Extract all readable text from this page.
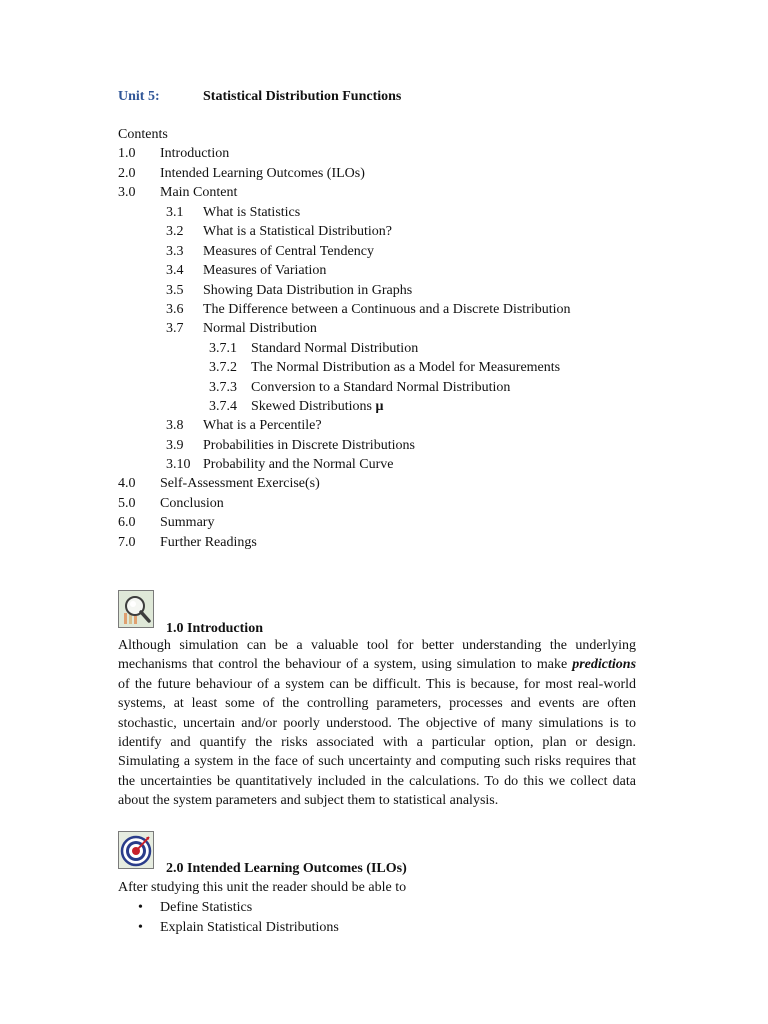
Unit 5:	Statistical Distribution Functions
Contents
1.0 Introduction
2.0 Intended Learning Outcomes (ILOs)
3.0 Main Content
3.1 What is Statistics
3.2 What is a Statistical Distribution?
3.3 Measures of Central Tendency
3.4 Measures of Variation
3.5 Showing Data Distribution in Graphs
3.6 The Difference between a Continuous and a Discrete Distribution
3.7 Normal Distribution
3.7.1 Standard Normal Distribution
3.7.2 The Normal Distribution as a Model for Measurements
3.7.3 Conversion to a Standard Normal Distribution
3.7.4 Skewed Distributions μ
3.8 What is a Percentile?
3.9 Probabilities in Discrete Distributions
3.10 Probability and the Normal Curve
4.0 Self-Assessment Exercise(s)
5.0 Conclusion
6.0 Summary
7.0 Further Readings
1.0 Introduction
Although simulation can be a valuable tool for better understanding the underlying
mechanisms that control the behaviour of a system, using simulation to make predictions
of the future behaviour of a system can be difficult. This is because, for most real-world
systems, at least some of the controlling parameters, processes and events are often
stochastic, uncertain and/or poorly understood. The objective of many simulations is to
identify and quantify the risks associated with a particular option, plan or design.
Simulating a system in the face of such uncertainty and computing such risks requires that
the uncertainties be quantitatively included in the calculations. To do this we collect data
about the system parameters and subject them to statistical analysis.
2.0 Intended Learning Outcomes (ILOs)
After studying this unit the reader should be able to
• Define Statistics
• Explain Statistical Distributions
